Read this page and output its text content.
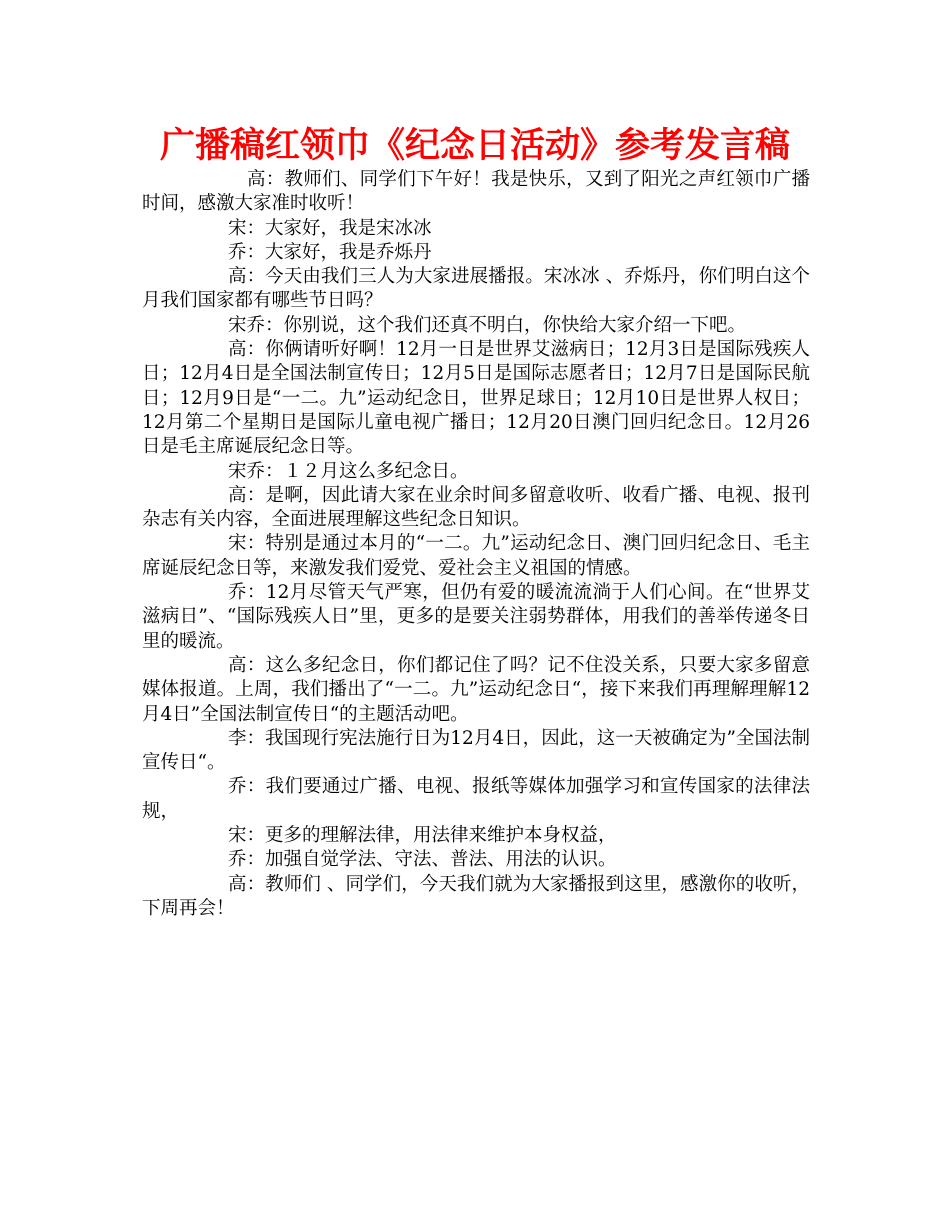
广播稿红领巾《纪念日活动》参考发言稿

高：教师们、同学们下午好！我是快乐，又到了阳光之声红领巾广播时间，感激大家准时收听！

宋：大家好，我是宋冰冰

乔：大家好，我是乔烁丹

高：今天由我们三人为大家进展播报。宋冰冰 、乔烁丹，你们明白这个月我们国家都有哪些节日吗？

宋乔：你别说，这个我们还真不明白，你快给大家介绍一下吧。

高：你俩请听好啊！12月一日是世界艾滋病日；12月3日是国际残疾人日；12月4日是全国法制宣传日；12月5日是国际志愿者日；12月7日是国际民航日；12月9日是“一二。九”运动纪念日，世界足球日；12月10日是世界人权日；12月第二个星期日是国际儿童电视广播日；12月20日澳门回归纪念日。12月26日是毛主席诞辰纪念日等。

宋乔：１２月这么多纪念日。

高：是啊，因此请大家在业余时间多留意收听、收看广播、电视、报刊杂志有关内容，全面进展理解这些纪念日知识。

宋：特别是通过本月的“一二。九”运动纪念日、澳门回归纪念日、毛主席诞辰纪念日等，来激发我们爱党、爱社会主义祖国的情感。

乔：12月尽管天气严寒，但仍有爱的暖流流淌于人们心间。在“世界艾滋病日”、“国际残疾人日”里，更多的是要关注弱势群体，用我们的善举传递冬日里的暖流。

高：这么多纪念日，你们都记住了吗？记不住没关系，只要大家多留意媒体报道。上周，我们播出了“一二。九”运动纪念日“，接下来我们再理解理解12月4日”全国法制宣传日“的主题活动吧。

李：我国现行宪法施行日为12月4日，因此，这一天被确定为”全国法制宣传日“。

乔：我们要通过广播、电视、报纸等媒体加强学习和宣传国家的法律法规，

宋：更多的理解法律，用法律来维护本身权益，

乔：加强自觉学法、守法、普法、用法的认识。

高：教师们 、同学们，今天我们就为大家播报到这里，感激你的收听，下周再会！
